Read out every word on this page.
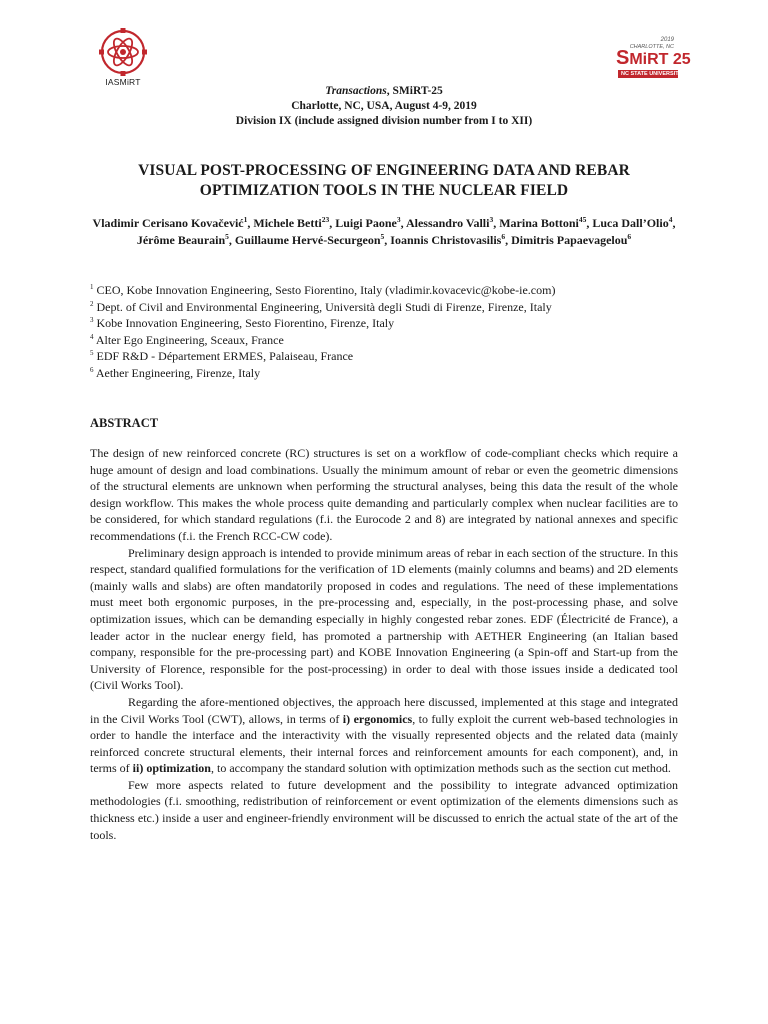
IASMiRT
2019
CHARLOTTE, NC
SMiRT 25
NC STATE UNIVERSITY
Transactions, SMiRT-25
Charlotte, NC, USA, August 4-9, 2019
Division IX (include assigned division number from I to XII)
VISUAL POST-PROCESSING OF ENGINEERING DATA AND REBAR
OPTIMIZATION TOOLS IN THE NUCLEAR FIELD
Vladimir Cerisano Kovačević$^1$, Michele Betti$^{23}$, Luigi Paone$^3$, Alessandro Valli$^3$, Marina Bottoni$^{45}$, Luca Dall’Olio$^4$, Jérôme Beaurain$^5$, Guillaume Hervé-Securgeon$^5$, Ioannis Christovasilis$^6$, Dimitris Papaevagelou$^6$
$^1$ CEO, Kobe Innovation Engineering, Sesto Fiorentino, Italy (vladimir.kovacevic@kobe-ie.com)
$^2$ Dept. of Civil and Environmental Engineering, Università degli Studi di Firenze, Firenze, Italy
$^3$ Kobe Innovation Engineering, Sesto Fiorentino, Firenze, Italy
$^4$ Alter Ego Engineering, Sceaux, France
$^5$ EDF R&D - Département ERMES, Palaiseau, France
$^6$ Aether Engineering, Firenze, Italy
ABSTRACT

The design of new reinforced concrete (RC) structures is set on a workflow of code-compliant checks which require a huge amount of design and load combinations. Usually the minimum amount of rebar or even the geometric dimensions of the structural elements are unknown when performing the structural analyses, being this data the result of the whole design workflow. This makes the whole process quite demanding and particularly complex when nuclear facilities are to be considered, for which standard regulations (f.i. the Eurocode 2 and 8) are integrated by national annexes and specific recommendations (f.i. the French RCC-CW code).

Preliminary design approach is intended to provide minimum areas of rebar in each section of the structure. In this respect, standard qualified formulations for the verification of 1D elements (mainly columns and beams) and 2D elements (mainly walls and slabs) are often mandatorily proposed in codes and regulations. The need of these implementations must meet both ergonomic purposes, in the pre-processing and, especially, in the post-processing phase, and solve optimization issues, which can be demanding especially in highly congested rebar zones. EDF (Électricité de France), a leader actor in the nuclear energy field, has promoted a partnership with AETHER Engineering (an Italian based company, responsible for the pre-processing part) and KOBE Innovation Engineering (a Spin-off and Start-up from the University of Florence, responsible for the post-processing) in order to deal with those issues inside a dedicated tool (Civil Works Tool).

Regarding the afore-mentioned objectives, the approach here discussed, implemented at this stage and integrated in the Civil Works Tool (CWT), allows, in terms of i) ergonomics, to fully exploit the current web-based technologies in order to handle the interface and the interactivity with the visually represented objects and the related data (mainly reinforced concrete structural elements, their internal forces and reinforcement amounts for each component), and, in terms of ii) optimization, to accompany the standard solution with optimization methods such as the section cut method.

Few more aspects related to future development and the possibility to integrate advanced optimization methodologies (f.i. smoothing, redistribution of reinforcement or event optimization of the elements dimensions such as thickness etc.) inside a user and engineer-friendly environment will be discussed to enrich the actual state of the art of the tools.
